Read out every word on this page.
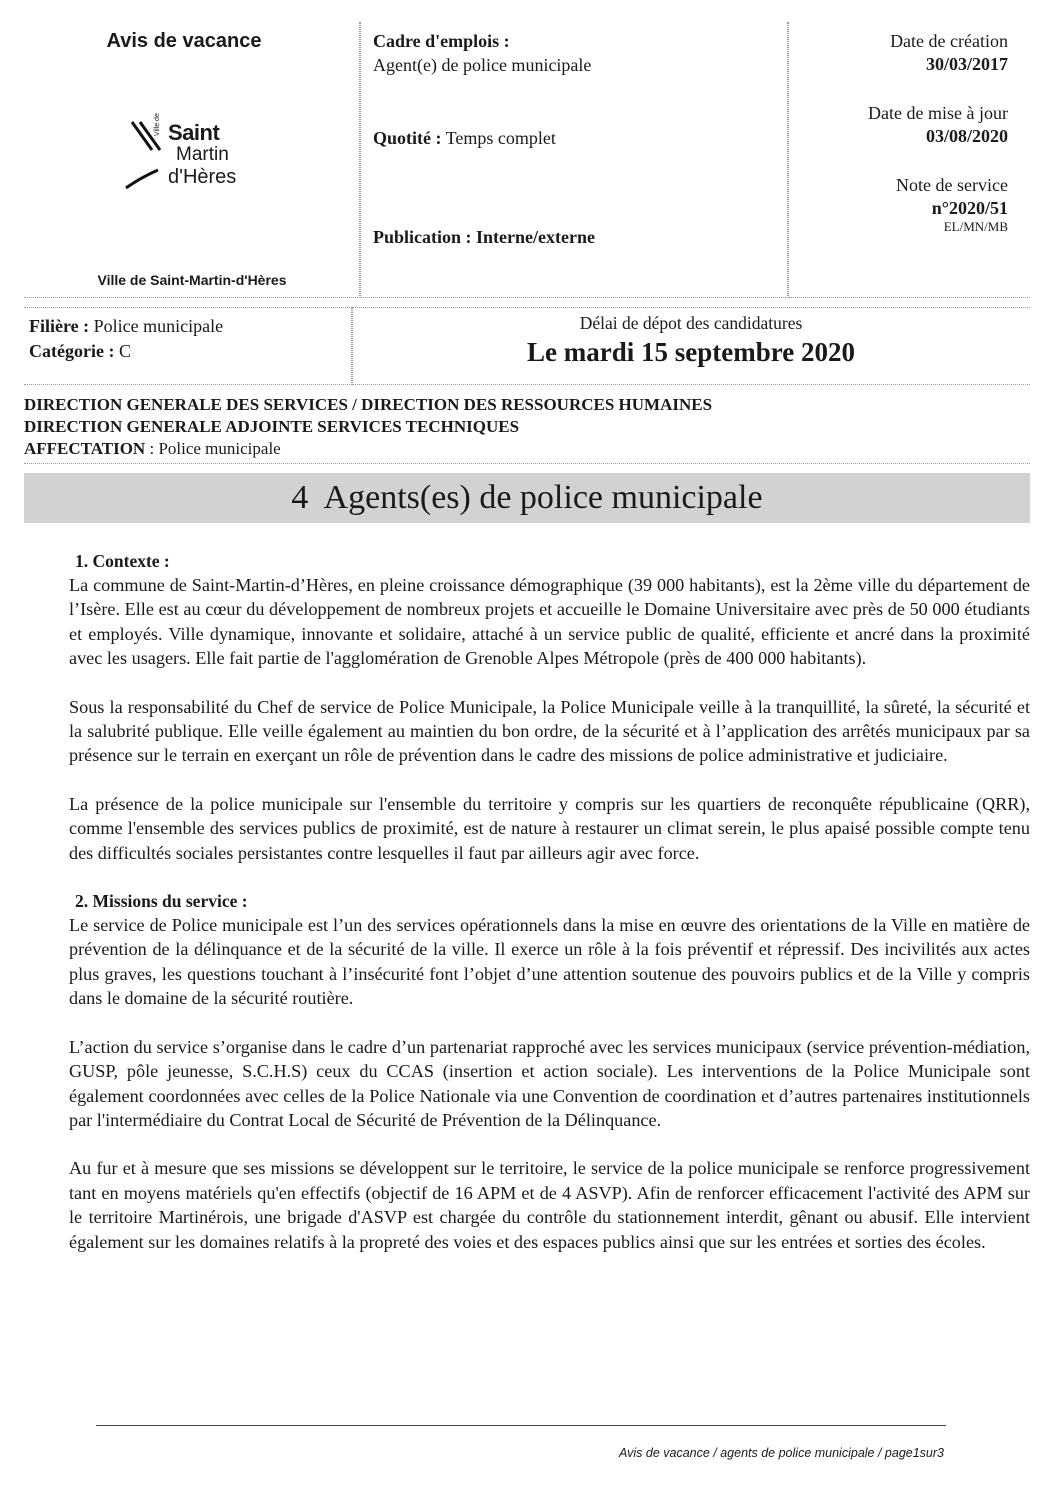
Avis de vacance
Ville de Saint
Martin
d'Hères
Ville de Saint-Martin-d'Hères
Cadre d'emplois :
Agent(e) de police municipale
Quotité : Temps complet
Publication : Interne/externe
Date de création
30/03/2017
Date de mise à jour
03/08/2020
Note de service
n°2020/51
EL/MN/MB
Filière : Police municipale
Catégorie : C
Délai de dépot des candidatures
Le mardi 15 septembre 2020
DIRECTION GENERALE DES SERVICES / DIRECTION DES RESSOURCES HUMAINES
DIRECTION GENERALE ADJOINTE SERVICES TECHNIQUES
AFFECTATION : Police municipale
4  Agents(es) de police municipale
1. Contexte :

La commune de Saint-Martin-d’Hères, en pleine croissance démographique (39 000 habitants), est la 2ème ville du département de l’Isère. Elle est au cœur du développement de nombreux projets et accueille le Domaine Universitaire avec près de 50 000 étudiants et employés. Ville dynamique, innovante et solidaire, attaché à un service public de qualité, efficiente et ancré dans la proximité avec les usagers. Elle fait partie de l'agglomération de Grenoble Alpes Métropole (près de 400 000 habitants).

Sous la responsabilité du Chef de service de Police Municipale, la Police Municipale veille à la tranquillité, la sûreté, la sécurité et la salubrité publique. Elle veille également au maintien du bon ordre, de la sécurité et à l’application des arrêtés municipaux par sa présence sur le terrain en exerçant un rôle de prévention dans le cadre des missions de police administrative et judiciaire.

La présence de la police municipale sur l'ensemble du territoire y compris sur les quartiers de reconquête républicaine (QRR), comme l'ensemble des services publics de proximité, est de nature à restaurer un climat serein, le plus apaisé possible compte tenu des difficultés sociales persistantes contre lesquelles il faut par ailleurs agir avec force.

2. Missions du service :

Le service de Police municipale est l’un des services opérationnels dans la mise en œuvre des orientations de la Ville en matière de prévention de la délinquance et de la sécurité de la ville. Il exerce un rôle à la fois préventif et répressif. Des incivilités aux actes plus graves, les questions touchant à l’insécurité font l’objet d’une attention soutenue des pouvoirs publics et de la Ville y compris dans le domaine de la sécurité routière.

L’action du service s’organise dans le cadre d’un partenariat rapproché avec les services municipaux (service prévention-médiation, GUSP, pôle jeunesse, S.C.H.S) ceux du CCAS (insertion et action sociale). Les interventions de la Police Municipale sont également coordonnées avec celles de la Police Nationale via une Convention de coordination et d’autres partenaires institutionnels par l'intermédiaire du Contrat Local de Sécurité de Prévention de la Délinquance.

Au fur et à mesure que ses missions se développent sur le territoire, le service de la police municipale se renforce progressivement tant en moyens matériels qu'en effectifs (objectif de 16 APM et de 4 ASVP). Afin de renforcer efficacement l'activité des APM sur le territoire Martinérois, une brigade d'ASVP est chargée du contrôle du stationnement interdit, gênant ou abusif. Elle intervient également sur les domaines relatifs à la propreté des voies et des espaces publics ainsi que sur les entrées et sorties des écoles.

Avis de vacance / agents de police municipale / page1sur3
